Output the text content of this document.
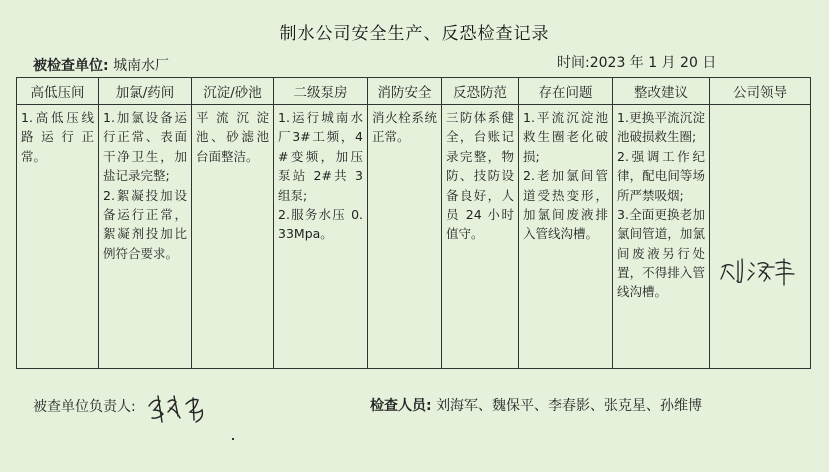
制水公司安全生产、反恐检查记录
被检查单位: 城南水厂	时间:2023 年 1 月 20 日
高低压间	加氯/药间	沉淀/砂池	二级泵房	消防安全	反恐防范	存在问题	整改建议	公司领导

1.高低压线路运行正常。	1.加氯设备运行正常、表面干净卫生，加盐记录完整;
2.絮凝投加设备运行正常，絮凝剂投加比例符合要求。	平流沉淀池、砂滤池台面整洁。	1.运行城南水厂3#工频，4#变频，加压泵站 2#共 3 组泵;
2.服务水压 0.33Mpa。	消火栓系统正常。	三防体系健全，台账记录完整，物防、技防设备良好，人员 24 小时值守。	1.平流沉淀池救生圈老化破损;
2.老加氯间管道受热变形，加氯间废液排入管线沟槽。	1.更换平流沉淀池破损救生圈;
2.强调工作纪律，配电间等场所严禁吸烟;
3.全面更换老加氯间管道，加氯间废液另行处置，不得排入管线沟槽。

被查单位负责人:	检查人员: 刘海军、魏保平、李春影、张克星、孙维博
